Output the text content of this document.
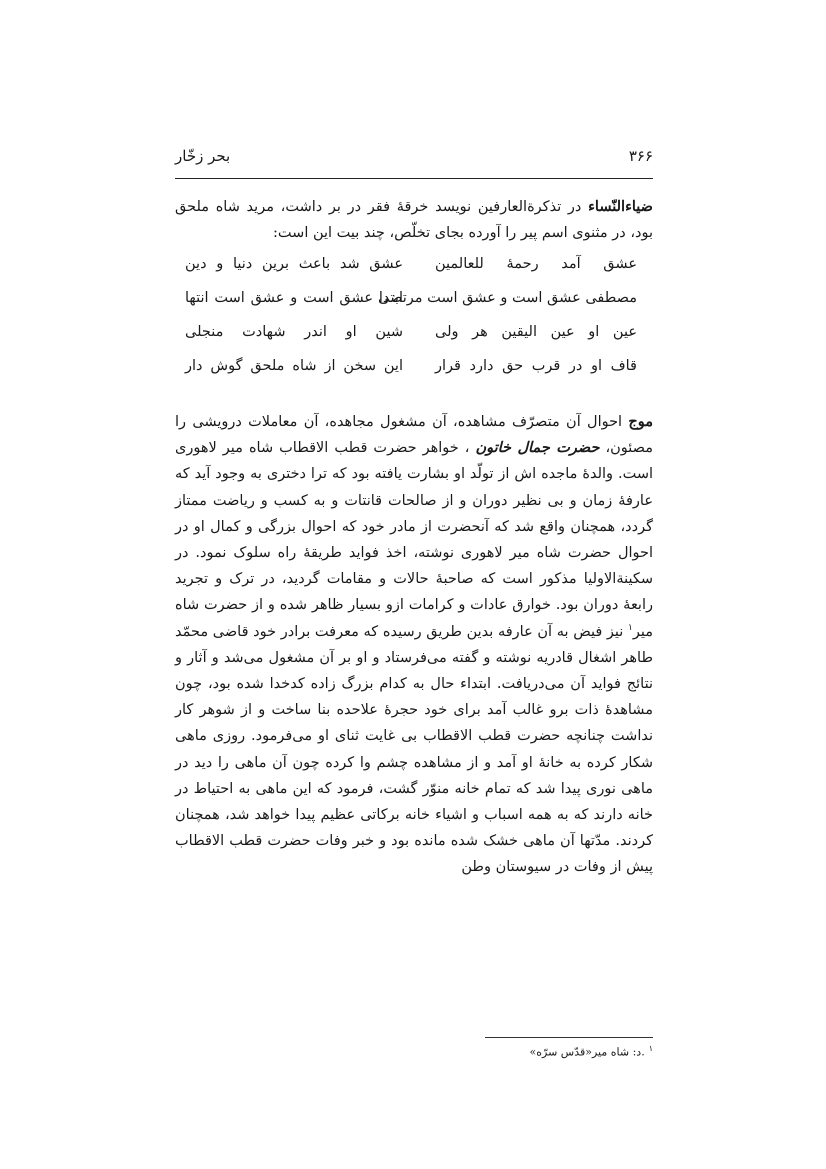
۳۶۶
بحر زخّار

ضیاءالنّساء در تذکرةالعارفین نویسد خرقهٔ فقر در بر داشت، مرید شاه ملحق بود، در مثنوی اسم پیر را آورده بجای تخلّص، چند بیت این است:

عشق آمد رحمهٔ للعالمین
عشق شد باعث برین دنیا و دین
مصطفی عشق است و عشق است مرتضی
ابتدا عشق است و عشق است انتها
عین او عین الیقین هر ولی
شین او اندر شهادت منجلی
قاف او در قرب حق دارد قرار
این سخن از شاه ملحق گوش دار

موج احوال آن متصرّف مشاهده، آن مشغول مجاهده، آن معاملات درویشی را مصئون، حضرت جمال خاتون ، خواهر حضرت قطب الاقطاب شاه میر لاهوری است. والدهٔ ماجده اش از تولّد او بشارت یافته بود که ترا دختری به وجود آید که عارفهٔ زمان و بی نظیر دوران و از صالحات قانتات و به کسب و ریاضت ممتاز گردد، همچنان واقع شد که آنحضرت از مادر خود که احوال بزرگی و کمال او در احوال حضرت شاه میر لاهوری نوشته، اخذ فواید طریقهٔ راه سلوک نمود. در سکینةالاولیا مذکور است که صاحبهٔ حالات و مقامات گردید، در ترک و تجرید رابعهٔ دوران بود. خوارق عادات و کرامات ازو بسیار ظاهر شده و از حضرت شاه میر$^۱$ نیز فیض به آن عارفه بدین طریق رسیده که معرفت برادر خود قاضی محمّد طاهر اشغال قادریه نوشته و گفته می‌فرستاد و او بر آن مشغول می‌شد و آثار و نتائج فواید آن می‌دریافت. ابتداء حال به کدام بزرگ زاده کدخدا شده بود، چون مشاهدهٔ ذات برو غالب آمد برای خود حجرهٔ علاحده بنا ساخت و از شوهر کار نداشت چنانچه حضرت قطب الاقطاب بی غایت ثنای او می‌فرمود. روزی ماهی شکار کرده به خانهٔ او آمد و از مشاهده چشم وا کرده چون آن ماهی را دید در ماهی نوری پیدا شد که تمام خانه منوّر گشت، فرمود که این ماهی به احتیاط در خانه دارند که به همه اسباب و اشیاء خانه برکاتی عظیم پیدا خواهد شد، همچنان کردند. مدّتها آن ماهی خشک شده مانده بود و خبر وفات حضرت قطب الاقطاب پیش از وفات در سیوستان وطن

$^۱$.د: شاه میر«قدّس سرّه»
